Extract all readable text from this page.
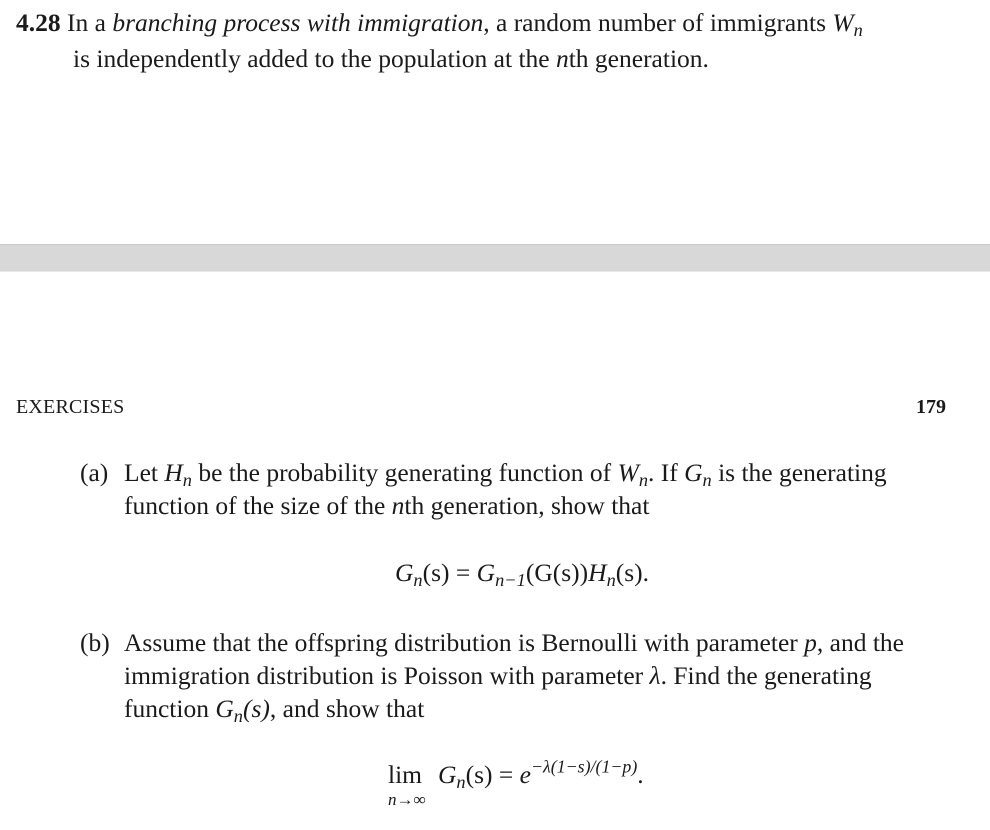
4.28 In a branching process with immigration, a random number of immigrants $W_n$
is independently added to the population at the nth generation.
EXERCISES	179
(a) Let $H_n$ be the probability generating function of $W_n$. If $G_n$ is the generating
function of the size of the nth generation, show that
$G_n(s) = G_{n-1}(G(s))H_n(s)$.
(b) Assume that the offspring distribution is Bernoulli with parameter p, and the
immigration distribution is Poisson with parameter λ. Find the generating
function $G_n(s)$, and show that
lim
n→∞
$G_n(s) = e^{-\lambda(1-s)/(1-p)}$.
